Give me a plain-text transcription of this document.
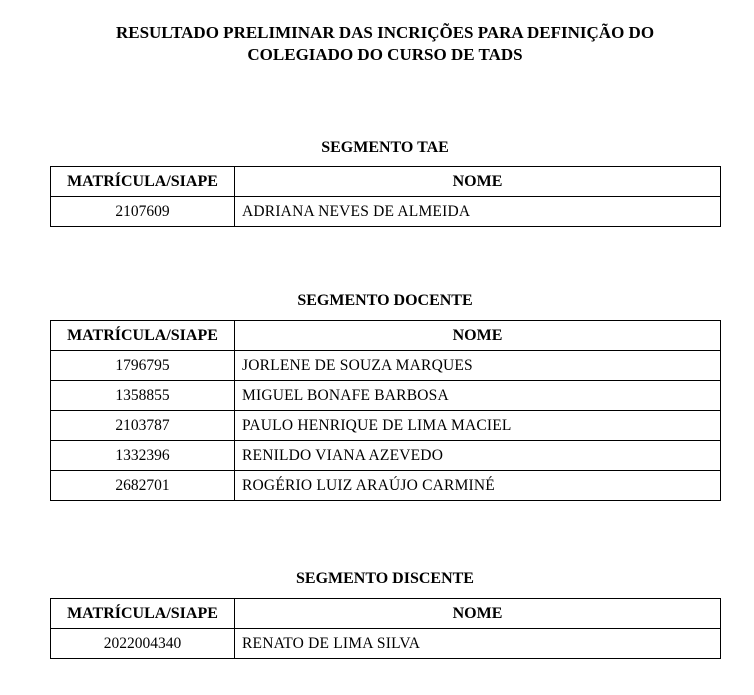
RESULTADO PRELIMINAR DAS INCRIÇÕES PARA DEFINIÇÃO DO
COLEGIADO DO CURSO DE TADS
SEGMENTO TAE
MATRÍCULA/SIAPE	NOME
2107609	ADRIANA NEVES DE ALMEIDA
SEGMENTO DOCENTE
MATRÍCULA/SIAPE	NOME
1796795	JORLENE DE SOUZA MARQUES
1358855	MIGUEL BONAFE BARBOSA
2103787	PAULO HENRIQUE DE LIMA MACIEL
1332396	RENILDO VIANA AZEVEDO
2682701	ROGÉRIO LUIZ ARAÚJO CARMINÉ
SEGMENTO DISCENTE
MATRÍCULA/SIAPE	NOME
2022004340	RENATO DE LIMA SILVA
